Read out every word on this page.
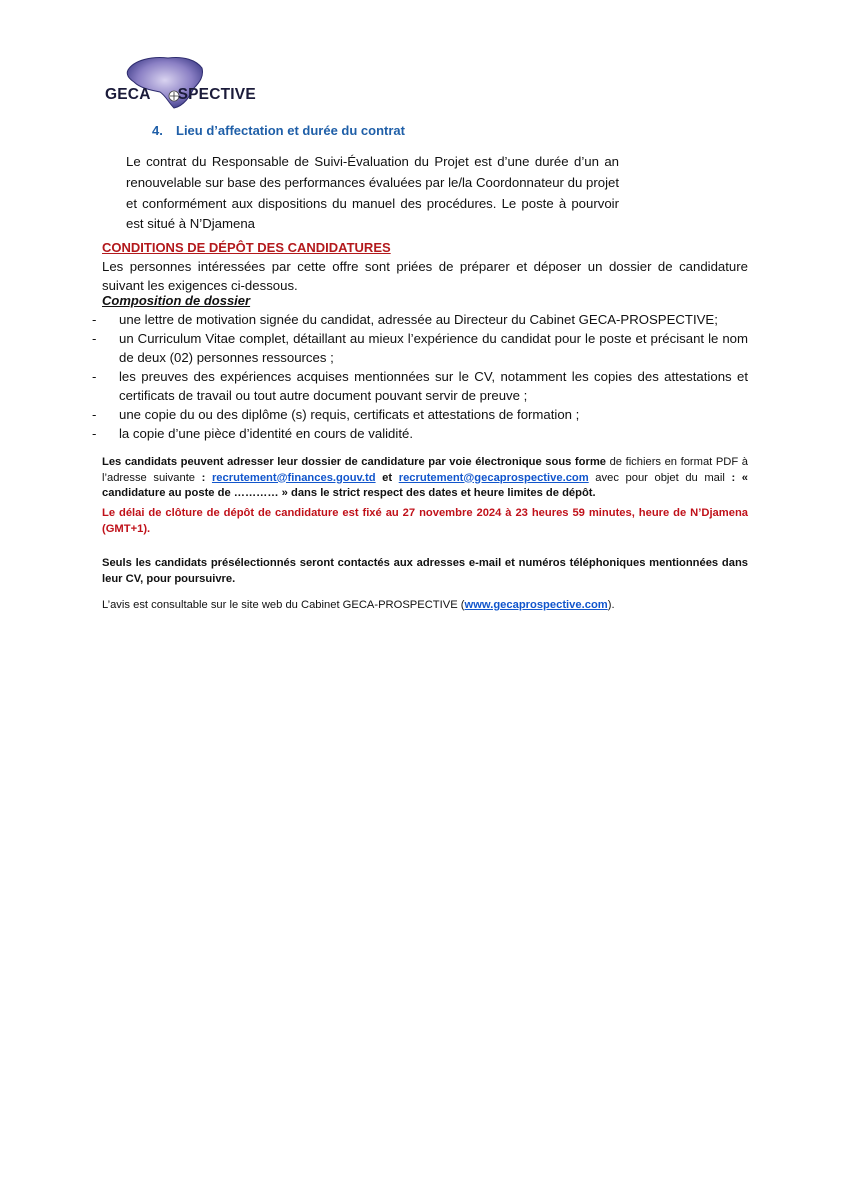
GECA SPECTIVE
4. Lieu d’affectation et durée du contrat
Le contrat du Responsable de Suivi-Évaluation du Projet est d’une durée d’un an renouvelable sur base des performances évaluées par le/la Coordonnateur du projet et conformément aux dispositions du manuel des procédures. Le poste à pourvoir est situé à N’Djamena
CONDITIONS DE DÉPÔT DES CANDIDATURES
Les personnes intéressées par cette offre sont priées de préparer et déposer un dossier de candidature suivant les exigences ci-dessous.
Composition de dossier
- une lettre de motivation signée du candidat, adressée au Directeur du Cabinet GECA-PROSPECTIVE;
- un Curriculum Vitae complet, détaillant au mieux l’expérience du candidat pour le poste et précisant le nom de deux (02) personnes ressources ;
- les preuves des expériences acquises mentionnées sur le CV, notamment les copies des attestations et certificats de travail ou tout autre document pouvant servir de preuve ;
- une copie du ou des diplôme (s) requis, certificats et attestations de formation ;
- la copie d’une pièce d’identité en cours de validité.
Les candidats peuvent adresser leur dossier de candidature par voie électronique sous forme de fichiers en format PDF à l’adresse suivante : recrutement@finances.gouv.td et recrutement@gecaprospective.com avec pour objet du mail : « candidature au poste de ………… » dans le strict respect des dates et heure limites de dépôt.
Le délai de clôture de dépôt de candidature est fixé au 27 novembre 2024 à 23 heures 59 minutes, heure de N’Djamena (GMT+1).
Seuls les candidats présélectionnés seront contactés aux adresses e-mail et numéros téléphoniques mentionnées dans leur CV, pour poursuivre.
L’avis est consultable sur le site web du Cabinet GECA-PROSPECTIVE (www.gecaprospective.com).
